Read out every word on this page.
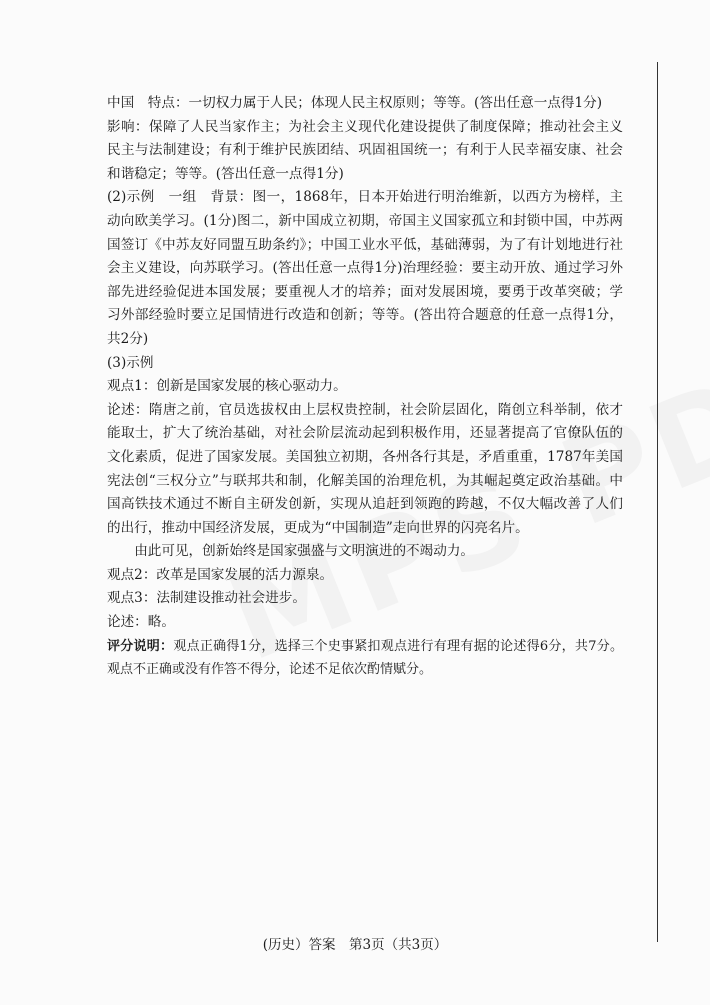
中国　特点：一切权力属于人民；体现人民主权原则；等等。(答出任意一点得1分)

影响：保障了人民当家作主；为社会主义现代化建设提供了制度保障；推动社会主义民主与法制建设；有利于维护民族团结、巩固祖国统一；有利于人民幸福安康、社会和谐稳定；等等。(答出任意一点得1分)

(2)示例　一组　背景：图一，1868年，日本开始进行明治维新，以西方为榜样，主动向欧美学习。(1分)图二，新中国成立初期，帝国主义国家孤立和封锁中国，中苏两国签订《中苏友好同盟互助条约》；中国工业水平低，基础薄弱，为了有计划地进行社会主义建设，向苏联学习。(答出任意一点得1分)治理经验：要主动开放、通过学习外部先进经验促进本国发展；要重视人才的培养；面对发展困境，要勇于改革突破；学习外部经验时要立足国情进行改造和创新；等等。(答出符合题意的任意一点得1分，共2分)

(3)示例

观点1：创新是国家发展的核心驱动力。

论述：隋唐之前，官员选拔权由上层权贵控制，社会阶层固化，隋创立科举制，依才能取士，扩大了统治基础，对社会阶层流动起到积极作用，还显著提高了官僚队伍的文化素质，促进了国家发展。美国独立初期，各州各行其是，矛盾重重，1787年美国宪法创“三权分立”与联邦共和制，化解美国的治理危机，为其崛起奠定政治基础。中国高铁技术通过不断自主研发创新，实现从追赶到领跑的跨越，不仅大幅改善了人们的出行，推动中国经济发展，更成为“中国制造”走向世界的闪亮名片。

由此可见，创新始终是国家强盛与文明演进的不竭动力。

观点2：改革是国家发展的活力源泉。

观点3：法制建设推动社会进步。

论述：略。

评分说明：观点正确得1分，选择三个史事紧扣观点进行有理有据的论述得6分，共7分。观点不正确或没有作答不得分，论述不足依次酌情赋分。

(历史）答案　第3页（共3页）
